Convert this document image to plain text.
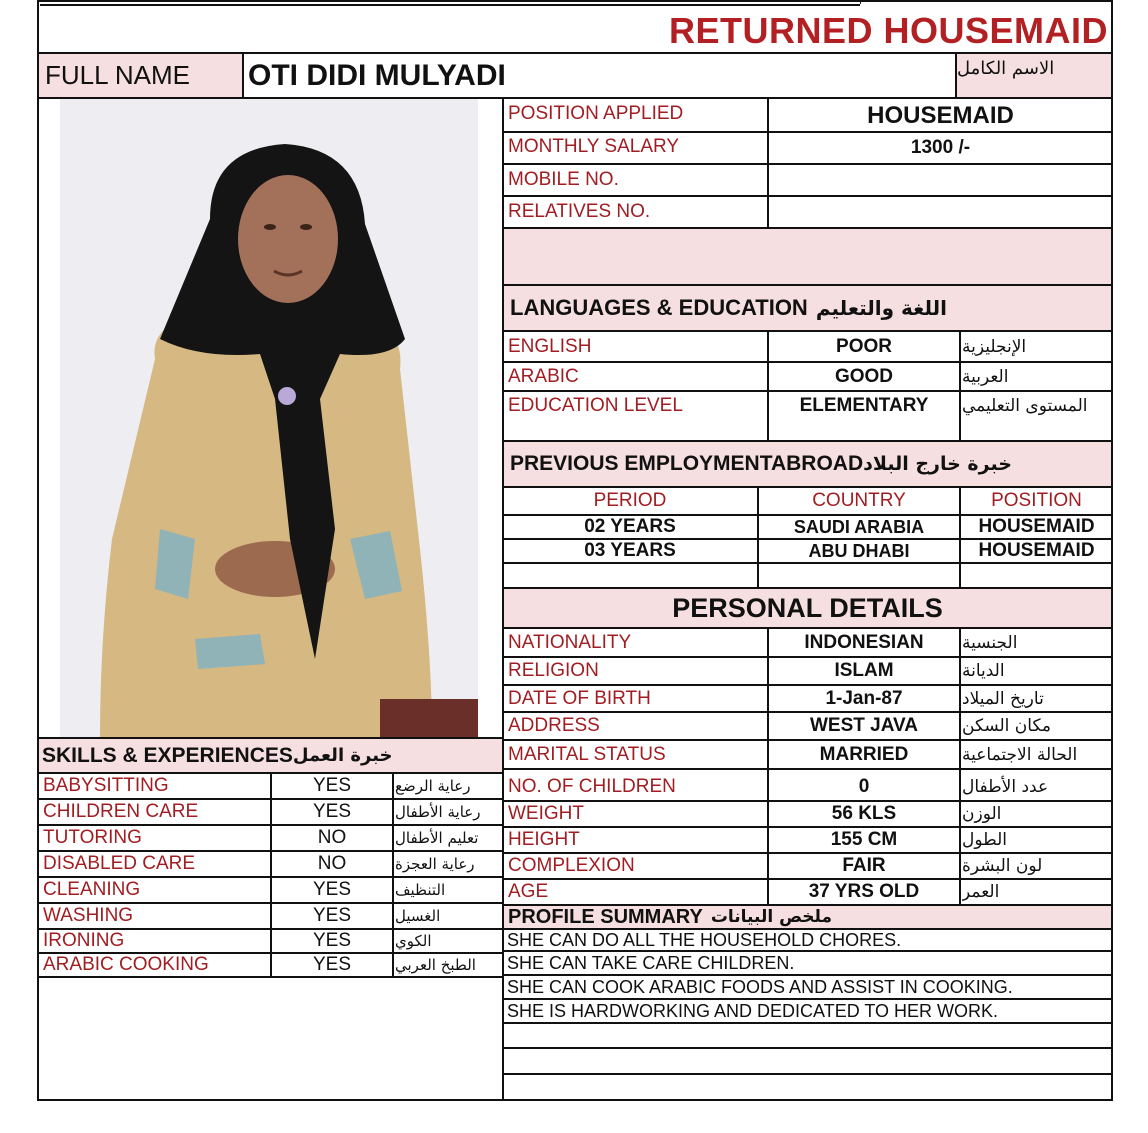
RETURNED HOUSEMAID
FULL NAME	OTI DIDI MULYADI	الاسم الكامل
POSITION APPLIED	HOUSEMAID
MONTHLY SALARY	1300 /-
MOBILE NO.
RELATIVES NO.
LANGUAGES & EDUCATION اللغة والتعليم
ENGLISH	POOR	الإنجليزية
ARABIC	GOOD	العربية
EDUCATION LEVEL	ELEMENTARY	المستوى التعليمي
PREVIOUS EMPLOYMENTABROAD خبرة خارج البلاد
PERIOD	COUNTRY	POSITION
02 YEARS	SAUDI ARABIA	HOUSEMAID
03 YEARS	ABU DHABI	HOUSEMAID
PERSONAL DETAILS
NATIONALITY	INDONESIAN	الجنسية
RELIGION	ISLAM	الديانة
DATE OF BIRTH	1-Jan-87	تاريخ الميلاد
ADDRESS	WEST JAVA	مكان السكن
MARITAL STATUS	MARRIED	الحالة الاجتماعية
NO. OF CHILDREN	0	عدد الأطفال
WEIGHT	56 KLS	الوزن
HEIGHT	155 CM	الطول
COMPLEXION	FAIR	لون البشرة
AGE	37 YRS OLD	العمر
SKILLS & EXPERIENCES خبرة العمل
BABYSITTING	YES	رعاية الرضع
CHILDREN CARE	YES	رعاية الأطفال
TUTORING	NO	تعليم الأطفال
DISABLED CARE	NO	رعاية العجزة
CLEANING	YES	التنظيف
WASHING	YES	الغسيل
IRONING	YES	الكوي
ARABIC COOKING	YES	الطبخ العربي
PROFILE SUMMARY ملخص البيانات
SHE CAN DO ALL THE HOUSEHOLD CHORES.
SHE CAN TAKE CARE CHILDREN.
SHE CAN COOK ARABIC FOODS AND ASSIST IN COOKING.
SHE IS HARDWORKING AND DEDICATED TO HER WORK.
